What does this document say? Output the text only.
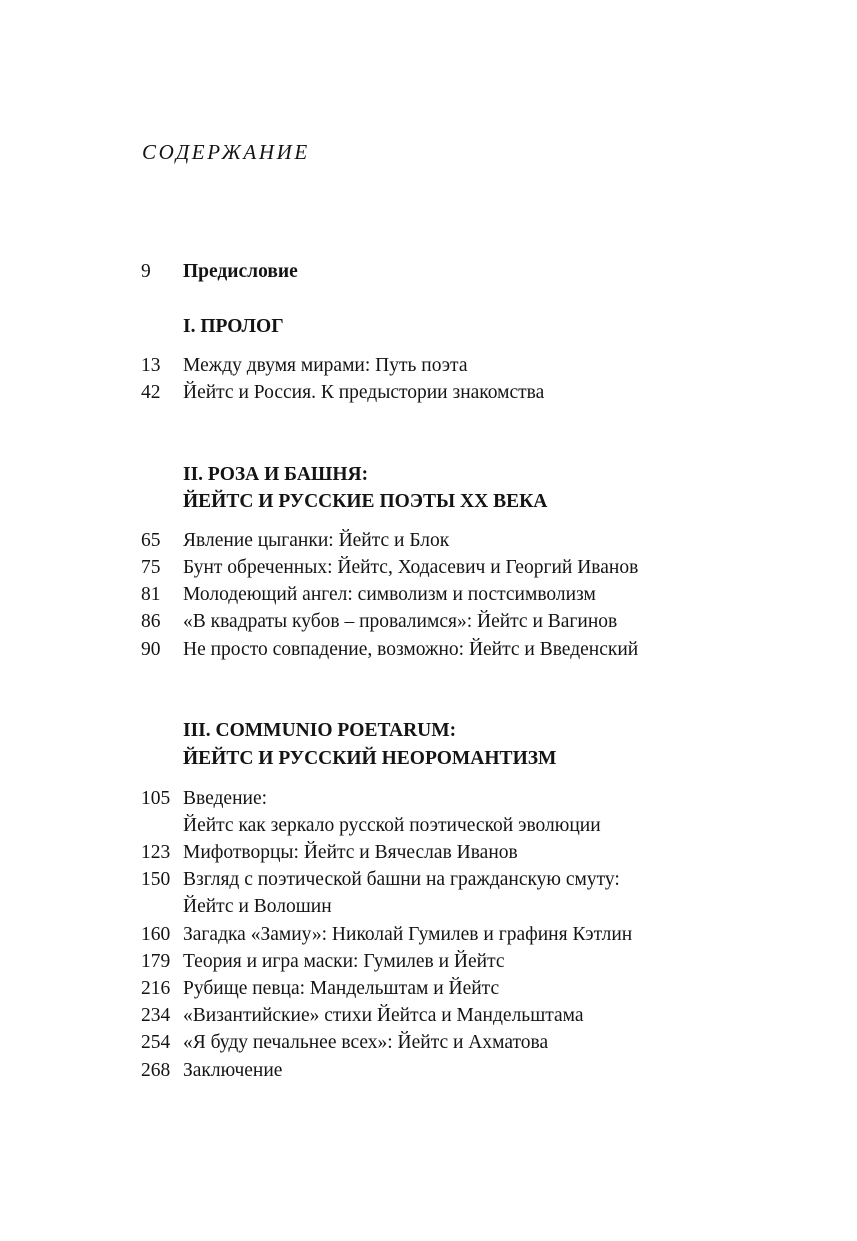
СОДЕРЖАНИЕ
9 Предисловие
I. ПРОЛОГ
13 Между двумя мирами: Путь поэта
42 Йейтс и Россия. К предыстории знакомства
II. РОЗА И БАШНЯ:
ЙЕЙТС И РУССКИЕ ПОЭТЫ XX ВЕКА
65 Явление цыганки: Йейтс и Блок
75 Бунт обреченных: Йейтс, Ходасевич и Георгий Иванов
81 Молодеющий ангел: символизм и постсимволизм
86 «В квадраты кубов – провалимся»: Йейтс и Вагинов
90 Не просто совпадение, возможно: Йейтс и Введенский
III. COMMUNIO POETARUM:
ЙЕЙТС И РУССКИЙ НЕОРОМАНТИЗМ
105 Введение:
Йейтс как зеркало русской поэтической эволюции
123 Мифотворцы: Йейтс и Вячеслав Иванов
150 Взгляд с поэтической башни на гражданскую смуту:
Йейтс и Волошин
160 Загадка «Замиу»: Николай Гумилев и графиня Кэтлин
179 Теория и игра маски: Гумилев и Йейтс
216 Рубище певца: Мандельштам и Йейтс
234 «Византийские» стихи Йейтса и Мандельштама
254 «Я буду печальнее всех»: Йейтс и Ахматова
268 Заключение
